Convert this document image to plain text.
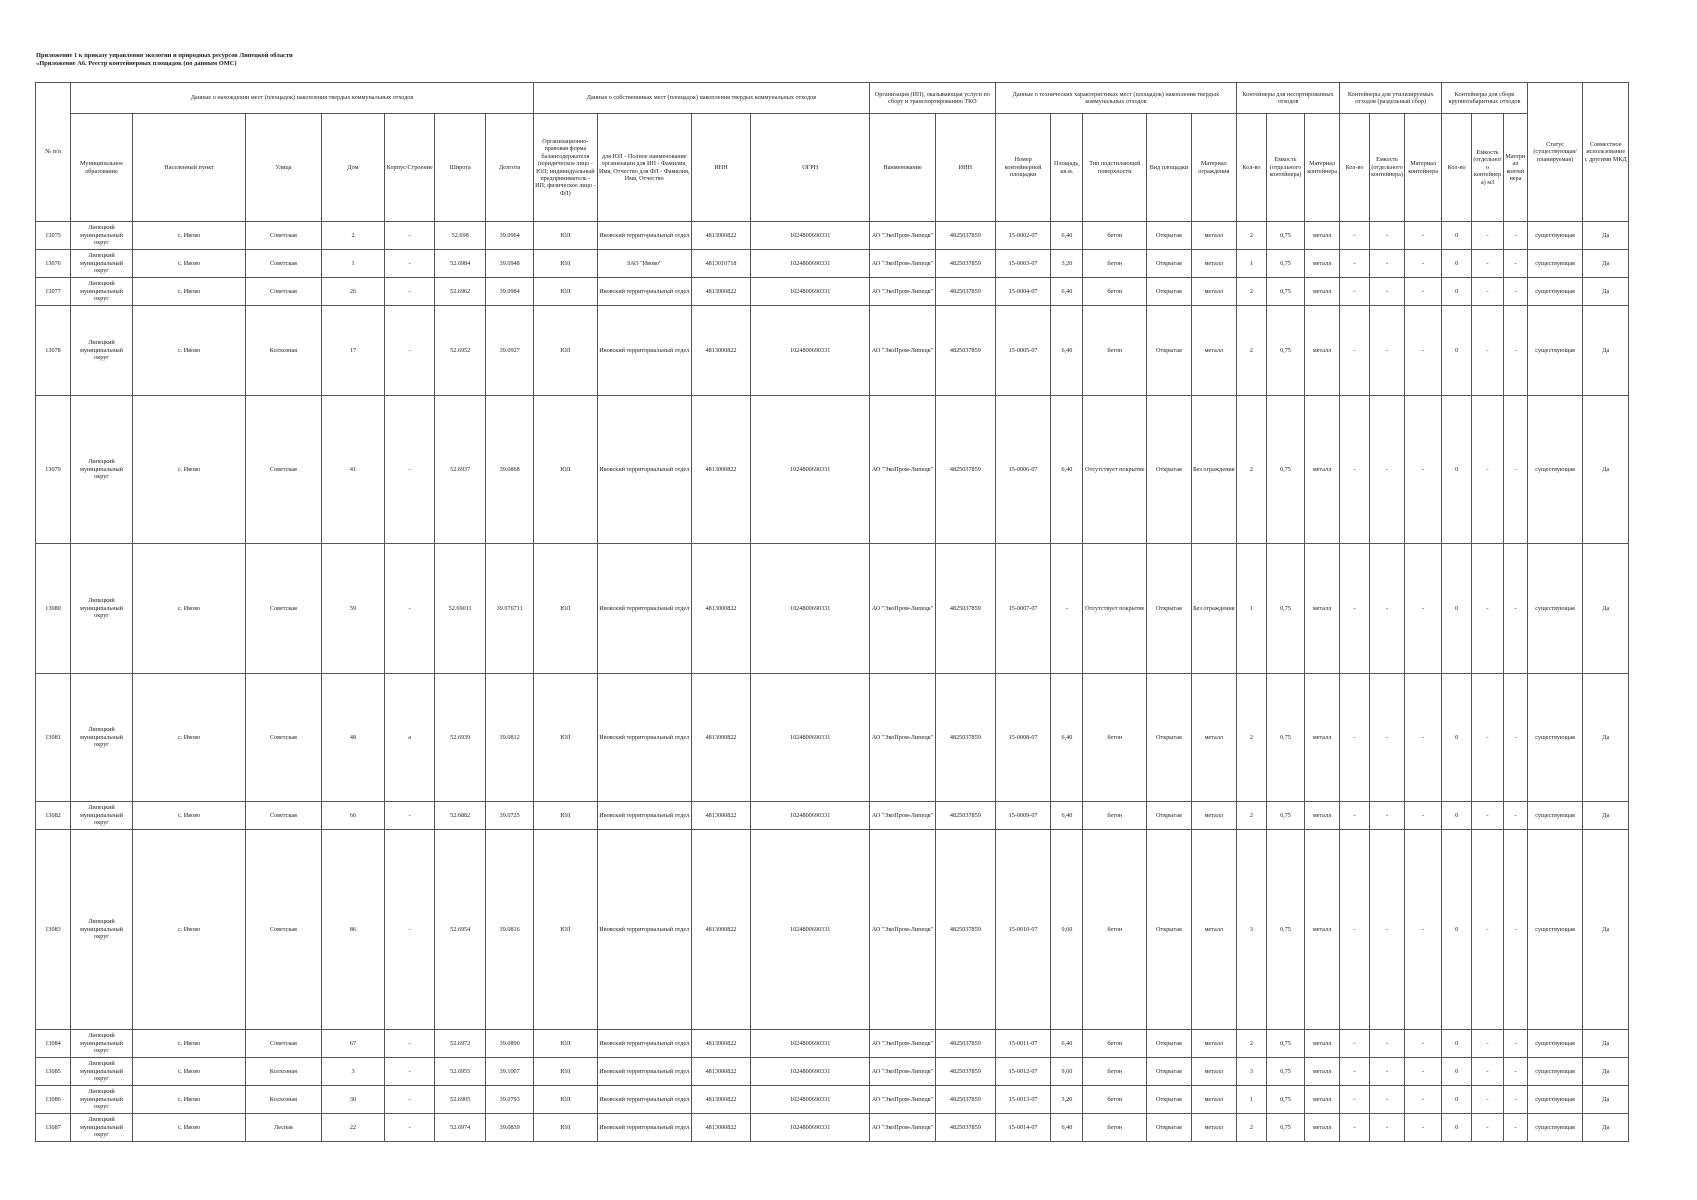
Приложение 1 к приказу управления экологии и природных ресурсов Липецкой области
«Приложение А6. Реестр контейнерных площадок (по данным ОМС)
№ п/п	Данные о нахождении мест (площадок) накопления твердых коммунальных отходов							Данные о собственниках мест (площадок) накопления твердых коммунальных отходов				Организация (ИП), оказывающая услуги по сбору и транспортированию ТКО		Данные о технических характеристиках мест (площадок) накопления твердых коммунальных отходов					Контейнеры для несортированных отходов			Контейнеры для утилизируемых отходов (раздельный сбор)			Контейнеры для сборк крупногабаритных отходов			Статус (существующая/ планируемая)	Совместное использование с другими МКД
	Муниципальное образование	Населенный пункт	Улица	Дом	Корпус/Строение	Широта	Долгота	Организационно-правовая форма балансодержателя (юридическое лицо - ЮЛ; индивидуальный предприниматель - ИП; физическое лицо - ФЛ)	для ЮЛ - Полное наименование организации для ИП - Фамилия, Имя, Отчество для ФЛ - Фамилия, Имя, Отчество	ИНН	ОГРН	Наименование	ИНН	Номер контейнерной площадки	Площадь, кв.м.	Тип подстилающей поверхности	Вид площадки	Материал ограждения	Кол-во	Емкость (отдельного контейнера)	Материал контейнера	Кол-во	Емкость (отдельного контейнера)	Материал контейнера	Кол-во	Емкость (отдельного контейнера) м3	Материал контейнера		
13075	Липецкий муниципальный округ	с. Ивово	Советская	2	-	52.698	39.0964	ЮЛ	Ивовский территориальный отдел	4813000822	1024800690331	АО "ЭкоПром-Липецк"	4825037859	15-0002-07	6,40	бетон	Открытая	металл	2	0,75	металл	-	-	-	0	-	-	существующая	Да
13076	Липецкий муниципальный округ	с. Ивово	Советская	1	-	52.6984	39.0948	ЮЛ	ЗАО "Ивово"	4813010718	1024800690331	АО "ЭкоПром-Липецк"	4825037859	15-0003-07	3,20	бетон	Открытая	металл	1	0,75	металл	-	-	-	0	-	-	существующая	Да
13077	Липецкий муниципальный округ	с. Ивово	Советская	26	-	52.6962	39.0984	ЮЛ	Ивовский территориальный отдел	4813000822	1024800690331	АО "ЭкоПром-Липецк"	4825037859	15-0004-07	6,40	бетон	Открытая	металл	2	0,75	металл	-	-	-	0	-	-	существующая	Да
13078	Липецкий муниципальный округ	с. Ивово	Колхозная	17	-	52.6952	39.0927	ЮЛ	Ивовский территориальный отдел	4813000822	1024800690331	АО "ЭкоПром-Липецк"	4825037859	15-0005-07	6,40	бетон	Открытая	металл	2	0,75	металл	-	-	-	0	-	-	существующая	Да
13079	Липецкий муниципальный округ	с. Ивово	Советская	41	-	52.6937	39.0868	ЮЛ	Ивовский территориальный отдел	4813000822	1024800690331	АО "ЭкоПром-Липецк"	4825037859	15-0006-07	6,40	Отсутствует покрытие	Открытая	Без ограждения	2	0,75	металл	-	-	-	0	-	-	существующая	Да
13080	Липецкий муниципальный округ	с. Ивово	Советская	59	-	52.69011	39.076711	ЮЛ	Ивовский территориальный отдел	4813000822	1024800690331	АО "ЭкоПром-Липецк"	4825037859	15-0007-07	-	Отсутствует покрытие	Открытая	Без ограждения	1	0,75	металл	-	-	-	0	-	-	существующая	Да
13081	Липецкий муниципальный округ	с. Ивово	Советская	48	а	52.6939	39.0812	ЮЛ	Ивовский территориальный отдел	4813000822	1024800690331	АО "ЭкоПром-Липецк"	4825037859	15-0008-07	6,40	бетон	Открытая	металл	2	0,75	металл	-	-	-	0	-	-	существующая	Да
13082	Липецкий муниципальный округ	с. Ивово	Советская	66	-	52.6882	39.0725	ЮЛ	Ивовский территориальный отдел	4813000822	1024800690331	АО "ЭкоПром-Липецк"	4825037859	15-0009-07	6,40	бетон	Открытая	металл	2	0,75	металл	-	-	-	0	-	-	существующая	Да
13083	Липецкий муниципальный округ	с. Ивово	Советская	86	-	52.6954	39.0816	ЮЛ	Ивовский территориальный отдел	4813000822	1024800690331	АО "ЭкоПром-Липецк"	4825037859	15-0010-07	9,60	бетон	Открытая	металл	3	0,75	металл	-	-	-	0	-	-	существующая	Да
13084	Липецкий муниципальный округ	с. Ивово	Советская	67	-	52.6972	39.0890	ЮЛ	Ивовский территориальный отдел	4813000822	1024800690331	АО "ЭкоПром-Липецк"	4825037859	15-0011-07	6,40	бетон	Открытая	металл	2	0,75	металл	-	-	-	0	-	-	существующая	Да
13085	Липецкий муниципальный округ	с. Ивово	Колхозная	3	-	52.6955	39.1007	ЮЛ	Ивовский территориальный отдел	4813000822	1024800690331	АО "ЭкоПром-Липецк"	4825037859	15-0012-07	9,60	бетон	Открытая	металл	3	0,75	металл	-	-	-	0	-	-	существующая	Да
13086	Липецкий муниципальный округ	с. Ивово	Колхозная	30	-	52.6905	39.0793	ЮЛ	Ивовский территориальный отдел	4813000822	1024800690331	АО "ЭкоПром-Липецк"	4825037859	15-0013-07	3,20	бетон	Открытая	металл	1	0,75	металл	-	-	-	0	-	-	существующая	Да
13087	Липецкий муниципальный округ	с. Ивово	Лесная	22	-	52.6974	39.0839	ЮЛ	Ивовский территориальный отдел	4813000822	1024800690331	АО "ЭкоПром-Липецк"	4825037859	15-0014-07	6,40	бетон	Открытая	металл	2	0,75	металл	-	-	-	0	-	-	существующая	Да
